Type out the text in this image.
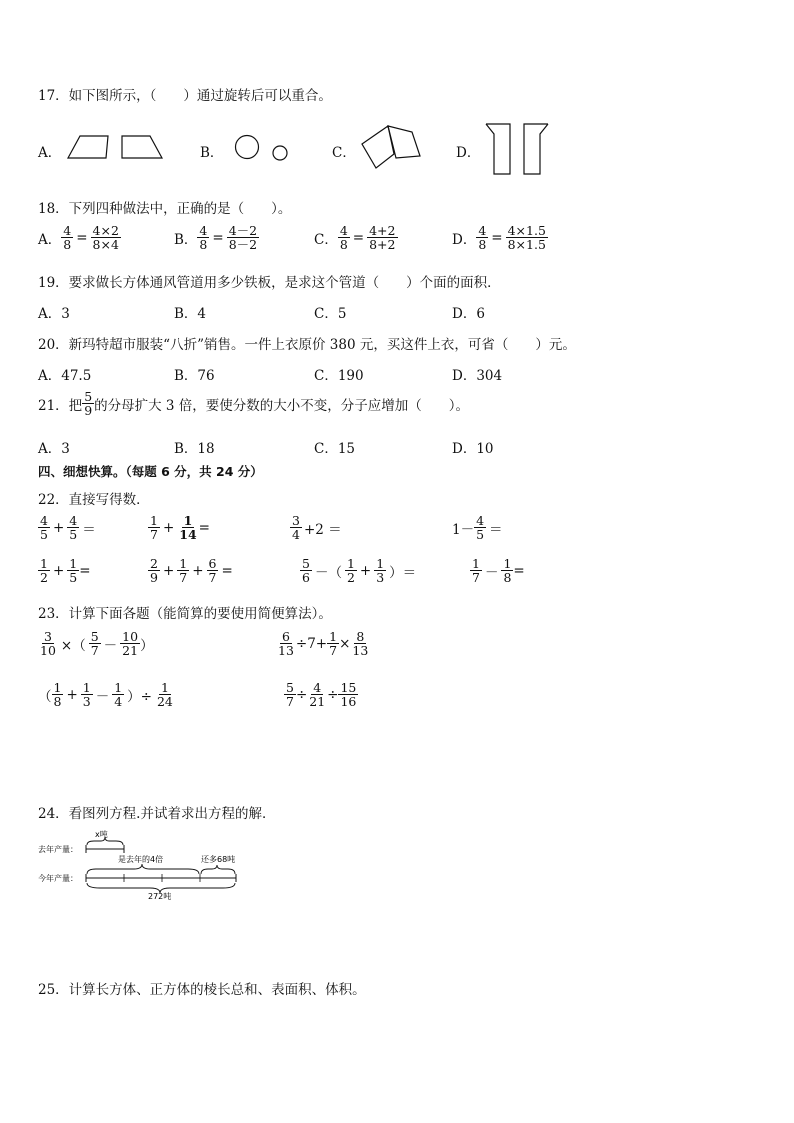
17．如下图所示，（　　）通过旋转后可以重合。
A．	B．	C．	D．
18．下列四种做法中，正确的是（　　）。
A． $\frac{4}{8} = \frac{4\times 2}{8\times 4}$	B． $\frac{4}{8} = \frac{4-2}{8-2}$	C． $\frac{4}{8} = \frac{4+2}{8+2}$	D． $\frac{4}{8} = \frac{4\times 1.5}{8\times 1.5}$
19．要求做长方体通风管道用多少铁板，是求这个管道（　　）个面的面积．
A．3	B．4	C．5	D．6
20．新玛特超市服装“八折”销售。一件上衣原价 380 元，买这件上衣，可省（　　）元。
A．47.5	B．76	C．190	D．304
21．把 $\frac{5}{9}$ 的分母扩大 3 倍，要使分数的大小不变，分子应增加（　　）。
A．3	B．18	C．15	D．10
四、细想快算。（每题 6 分，共 24 分）
22．直接写得数．
$\frac{4}{5} + \frac{4}{5}$ ＝	$\frac{1}{7} + \frac{1}{14}$ =	$\frac{3}{4} +2$ ＝	$1- \frac{4}{5}$ ＝
$\frac{1}{2} + \frac{1}{5}$ =	$\frac{2}{9} + \frac{1}{7} + \frac{6}{7}$ =	$\frac{5}{6}$ －（ $\frac{1}{2} + \frac{1}{3}$ ）＝	$\frac{1}{7} - \frac{1}{8}$ =
23．计算下面各题（能简算的要使用简便算法）。
$\frac{3}{10}$ ×（ $\frac{5}{7} - \frac{10}{21}$ ）	$\frac{6}{13} \div 7+ \frac{1}{7} \times \frac{8}{13}$
（ $\frac{1}{8} + \frac{1}{3} - \frac{1}{4}$ ）÷ $\frac{1}{24}$	$\frac{5}{7} \div \frac{4}{21} \div \frac{15}{16}$
24．看图列方程.并试着求出方程的解．
去年产量：
x吨
今年产量：
是去年的4倍	还多68吨
272吨
25．计算长方体、正方体的棱长总和、表面积、体积。
